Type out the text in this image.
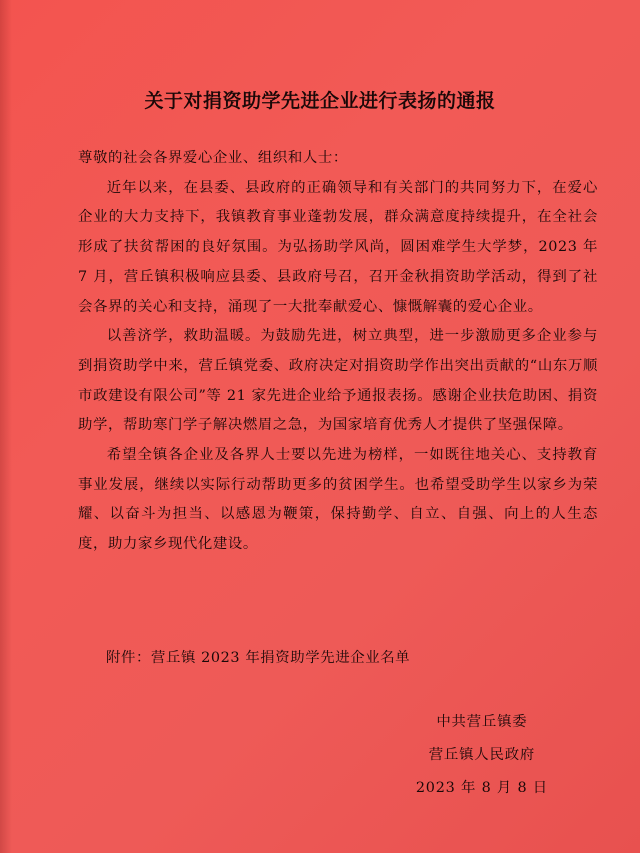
关于对捐资助学先进企业进行表扬的通报

尊敬的社会各界爱心企业、组织和人士：

近年以来，在县委、县政府的正确领导和有关部门的共同努力下，在爱心企业的大力支持下，我镇教育事业蓬勃发展，群众满意度持续提升，在全社会形成了扶贫帮困的良好氛围。为弘扬助学风尚，圆困难学生大学梦，2023 年 7 月，营丘镇积极响应县委、县政府号召，召开金秋捐资助学活动，得到了社会各界的关心和支持，涌现了一大批奉献爱心、慷慨解囊的爱心企业。

以善济学，救助温暖。为鼓励先进，树立典型，进一步激励更多企业参与到捐资助学中来，营丘镇党委、政府决定对捐资助学作出突出贡献的“山东万顺市政建设有限公司”等 21 家先进企业给予通报表扬。感谢企业扶危助困、捐资助学，帮助寒门学子解决燃眉之急，为国家培育优秀人才提供了坚强保障。

希望全镇各企业及各界人士要以先进为榜样，一如既往地关心、支持教育事业发展，继续以实际行动帮助更多的贫困学生。也希望受助学生以家乡为荣耀、以奋斗为担当、以感恩为鞭策，保持勤学、自立、自强、向上的人生态度，助力家乡现代化建设。

附件：营丘镇 2023 年捐资助学先进企业名单
中共营丘镇委
营丘镇人民政府
2023 年 8 月 8 日
